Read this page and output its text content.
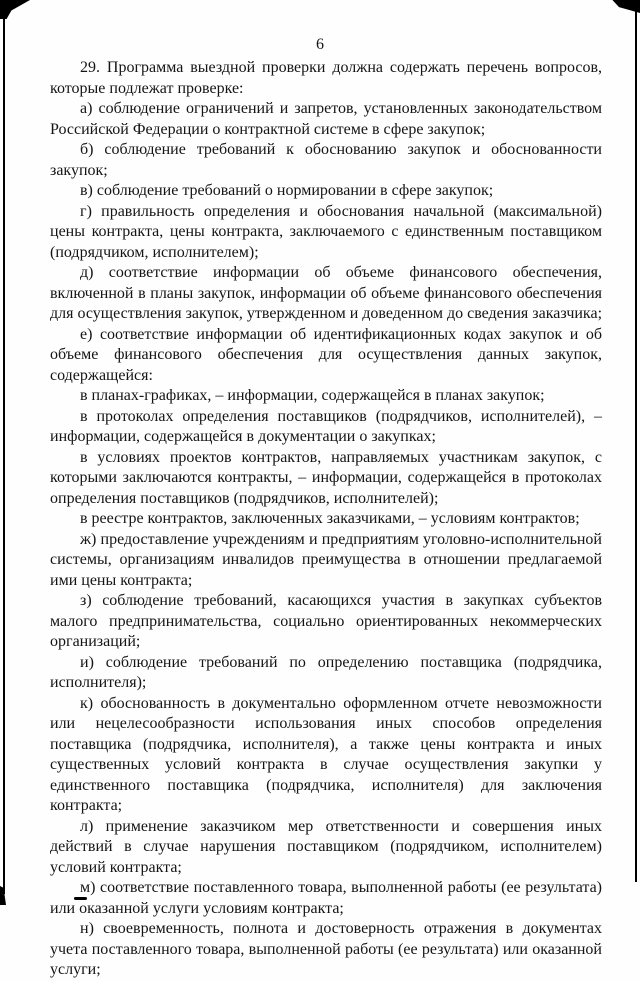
6

29. Программа выездной проверки должна содержать перечень вопросов, которые подлежат проверке:

а) соблюдение ограничений и запретов, установленных законодательством Российской Федерации о контрактной системе в сфере закупок;

б) соблюдение требований к обоснованию закупок и обоснованности закупок;

в) соблюдение требований о нормировании в сфере закупок;

г) правильность определения и обоснования начальной (максимальной) цены контракта, цены контракта, заключаемого с единственным поставщиком (подрядчиком, исполнителем);

д) соответствие информации об объеме финансового обеспечения, включенной в планы закупок, информации об объеме финансового обеспечения для осуществления закупок, утвержденном и доведенном до сведения заказчика;

е) соответствие информации об идентификационных кодах закупок и об объеме финансового обеспечения для осуществления данных закупок, содержащейся:

в планах-графиках, – информации, содержащейся в планах закупок;

в протоколах определения поставщиков (подрядчиков, исполнителей), – информации, содержащейся в документации о закупках;

в условиях проектов контрактов, направляемых участникам закупок, с которыми заключаются контракты, – информации, содержащейся в протоколах определения поставщиков (подрядчиков, исполнителей);

в реестре контрактов, заключенных заказчиками, – условиям контрактов;

ж) предоставление учреждениям и предприятиям уголовно-исполнительной системы, организациям инвалидов преимущества в отношении предлагаемой ими цены контракта;

з) соблюдение требований, касающихся участия в закупках субъектов малого предпринимательства, социально ориентированных некоммерческих организаций;

и) соблюдение требований по определению поставщика (подрядчика, исполнителя);

к) обоснованность в документально оформленном отчете невозможности или нецелесообразности использования иных способов определения поставщика (подрядчика, исполнителя), а также цены контракта и иных существенных условий контракта в случае осуществления закупки у единственного поставщика (подрядчика, исполнителя) для заключения контракта;

л) применение заказчиком мер ответственности и совершения иных действий в случае нарушения поставщиком (подрядчиком, исполнителем) условий контракта;

м) соответствие поставленного товара, выполненной работы (ее результата) или оказанной услуги условиям контракта;

н) своевременность, полнота и достоверность отражения в документах учета поставленного товара, выполненной работы (ее результата) или оказанной услуги;
